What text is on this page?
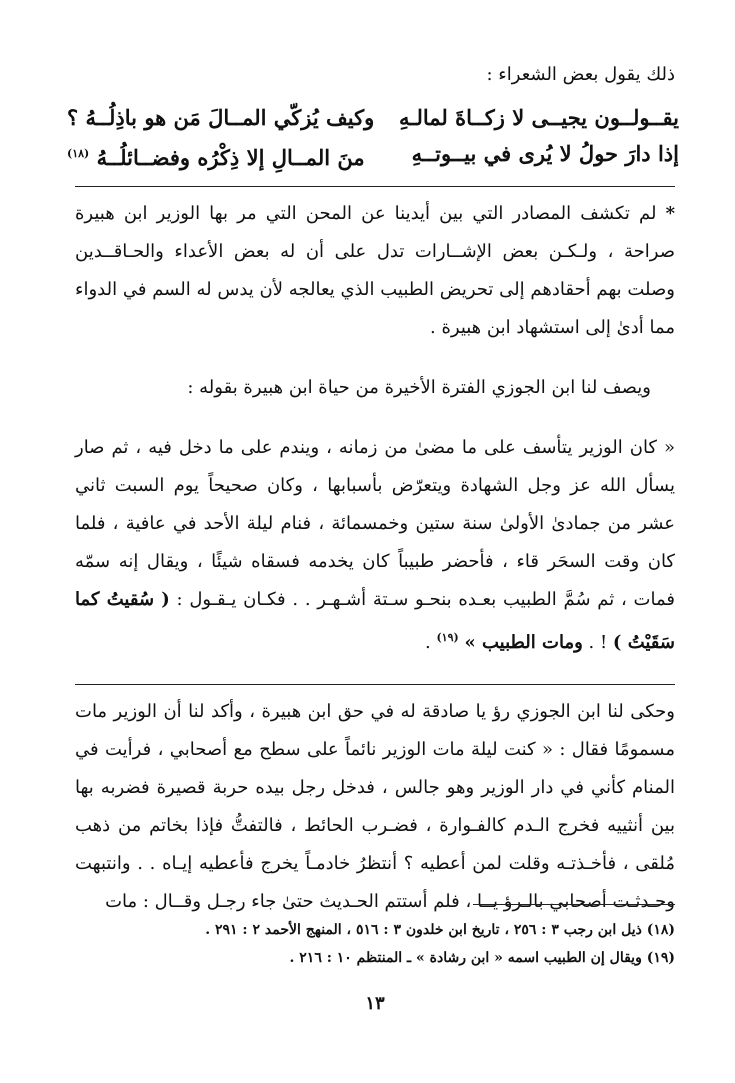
ذلك يقول بعض الشعراء :

يقــولــون يجيــى لا زكــاةَ لمالـهِ
وكيف يُزكّي المــالَ مَن هو باذِلُــهُ ؟
إذا دارَ حولُ لا يُرى في بيــوتــهِ
منَ المــالِ إلا ذِكْرُه وفضــائلُــهُ $^{(١٨)}$

* لم تكشف المصادر التي بين أيدينا عن المحن التي مر بها الوزير ابن هبيرة صراحة ، ولـكـن بعض الإشــارات تدل على أن له بعض الأعداء والحـاقــدين وصلت بهم أحقادهم إلى تحريض الطبيب الذي يعالجه لأن يدس له السم في الدواء مما أدىٰ إلى استشهاد ابن هبيرة .

ويصف لنا ابن الجوزي الفترة الأخيرة من حياة ابن هبيرة بقوله :

« كان الوزير يتأسف على ما مضىٰ من زمانه ، ويندم على ما دخل فيه ، ثم صار يسأل الله عز وجل الشهادة ويتعرّض بأسبابها ، وكان صحيحاً يوم السبت ثاني عشر من جمادىٰ الأولىٰ سنة ستين وخمسمائة ، فنام ليلة الأحد في عافية ، فلما كان وقت السحَر قاء ، فأحضر طبيباً كان يخدمه فسقاه شيئًا ، ويقال إنه سمّه فمات ، ثم سُمَّ الطبيب بعـده بنحـو سـتة أشـهـر . . فكـان يـقـول : ( سُقيتُ كما سَقَيْتُ ) ! . ومات الطبيب » $^{(١٩)}$ .

وحكى لنا ابن الجوزي رؤ يا صادقة له في حق ابن هبيرة ، وأكد لنا أن الوزير مات مسمومًا فقال : « كنت ليلة مات الوزير نائماً على سطح مع أصحابي ، فرأيت في المنام كأني في دار الوزير وهو جالس ، فدخل رجل بيده حربة قصيرة فضربه بها بين أنثييه فخرج الـدم كالفـوارة ، فضـرب الحائط ، فالتفتُّ فإذا بخاتم من ذهب مُلقى ، فأخـذتـه وقلت لمن أعطيه ؟ أنتظرُ خادمـاً يخرج فأعطيه إيـاه . . وانتبهت وحـدثـت أصحابي بالـرؤ يــا ، فلم أستتم الحـديث حتىٰ جاء رجـل وقــال : مات

(١٨) ذيل ابن رجب ٣ : ٢٥٦ ، تاريخ ابن خلدون ٣ : ٥١٦ ، المنهج الأحمد ٢ : ٢٩١ .

(١٩) ويقال إن الطبيب اسمه « ابن رشادة » ـ المنتظم ١٠ : ٢١٦ .

١٣
